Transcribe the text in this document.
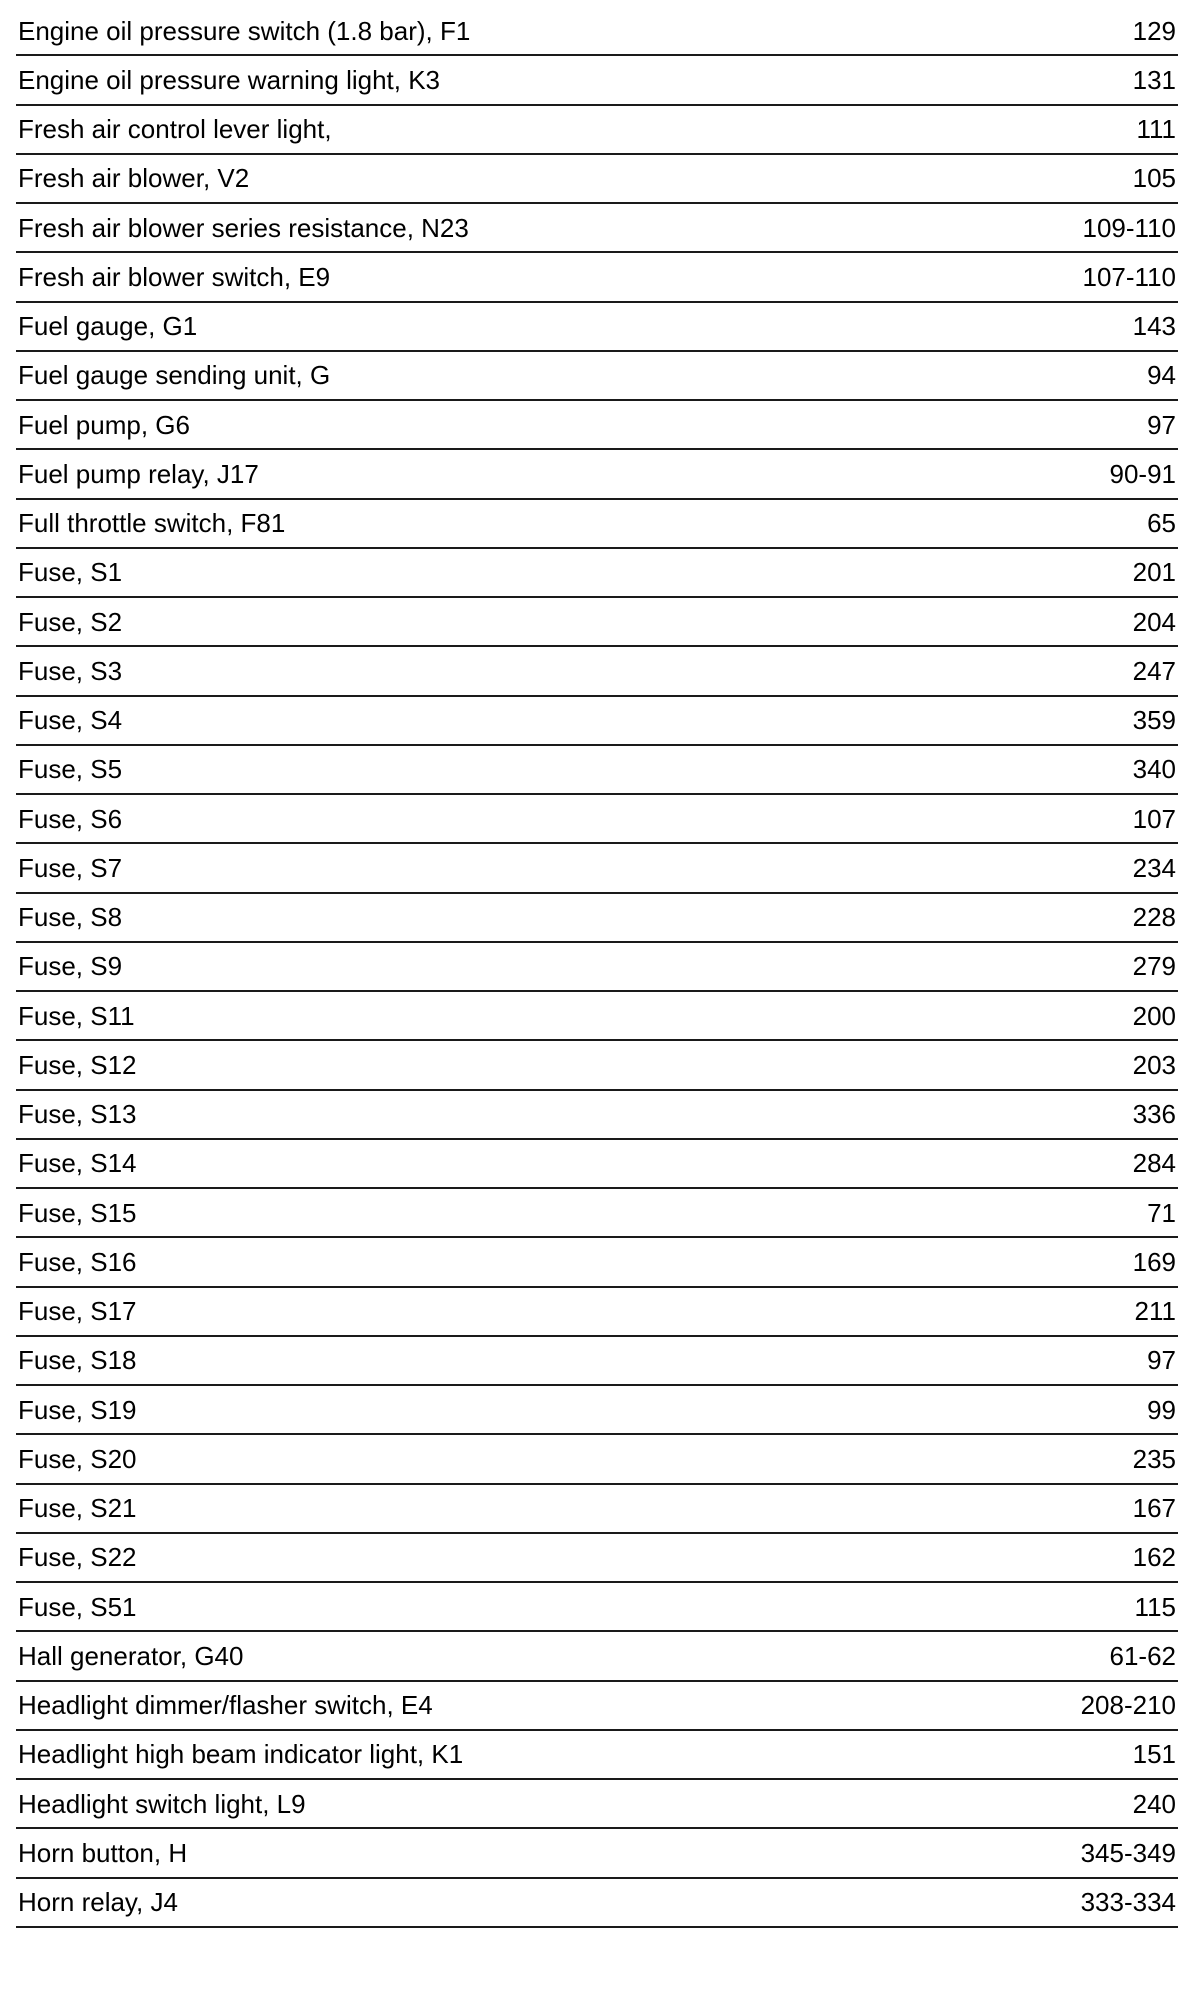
Engine oil pressure switch (1.8 bar), F1	129
Engine oil pressure warning light, K3	131
Fresh air control lever light,	111
Fresh air blower, V2	105
Fresh air blower series resistance, N23	109-110
Fresh air blower switch, E9	107-110
Fuel gauge, G1	143
Fuel gauge sending unit, G	94
Fuel pump, G6	97
Fuel pump relay, J17	90-91
Full throttle switch, F81	65
Fuse, S1	201
Fuse, S2	204
Fuse, S3	247
Fuse, S4	359
Fuse, S5	340
Fuse, S6	107
Fuse, S7	234
Fuse, S8	228
Fuse, S9	279
Fuse, S11	200
Fuse, S12	203
Fuse, S13	336
Fuse, S14	284
Fuse, S15	71
Fuse, S16	169
Fuse, S17	211
Fuse, S18	97
Fuse, S19	99
Fuse, S20	235
Fuse, S21	167
Fuse, S22	162
Fuse, S51	115
Hall generator, G40	61-62
Headlight dimmer/flasher switch, E4	208-210
Headlight high beam indicator light, K1	151
Headlight switch light, L9	240
Horn button, H	345-349
Horn relay, J4	333-334
